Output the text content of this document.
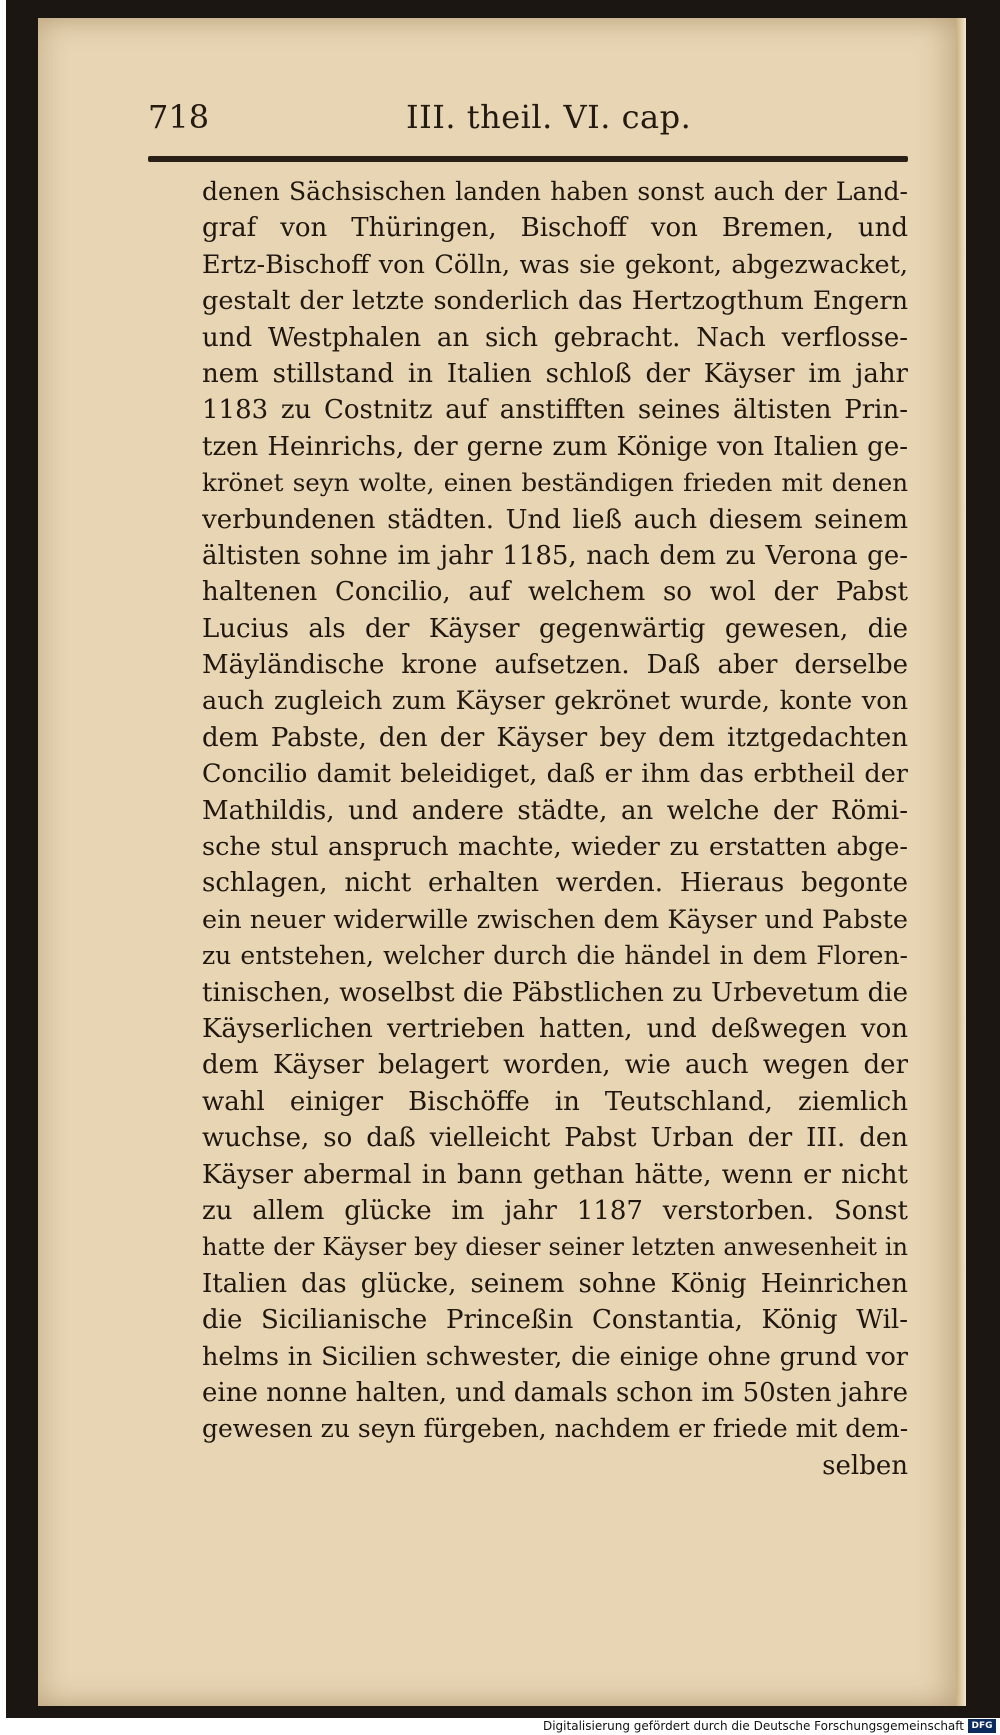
718	III. theil. VI. cap.
denen Sächsischen landen haben sonst auch der Land-
graf von Thüringen, Bischoff von Bremen, und
Ertz-Bischoff von Cölln, was sie gekont, abgezwacket,
gestalt der letzte sonderlich das Hertzogthum Engern
und Westphalen an sich gebracht. Nach verflosse-
nem stillstand in Italien schloß der Käyser im jahr
1183 zu Costnitz auf anstifften seines ältisten Prin-
tzen Heinrichs, der gerne zum Könige von Italien ge-
krönet seyn wolte, einen beständigen frieden mit denen
verbundenen städten. Und ließ auch diesem seinem
ältisten sohne im jahr 1185, nach dem zu Verona ge-
haltenen Concilio, auf welchem so wol der Pabst
Lucius als der Käyser gegenwärtig gewesen, die
Mäyländische krone aufsetzen. Daß aber derselbe
auch zugleich zum Käyser gekrönet wurde, konte von
dem Pabste, den der Käyser bey dem itztgedachten
Concilio damit beleidiget, daß er ihm das erbtheil der
Mathildis, und andere städte, an welche der Römi-
sche stul anspruch machte, wieder zu erstatten abge-
schlagen, nicht erhalten werden. Hieraus begonte
ein neuer widerwille zwischen dem Käyser und Pabste
zu entstehen, welcher durch die händel in dem Floren-
tinischen, woselbst die Päbstlichen zu Urbevetum die
Käyserlichen vertrieben hatten, und deßwegen von
dem Käyser belagert worden, wie auch wegen der
wahl einiger Bischöffe in Teutschland, ziemlich
wuchse, so daß vielleicht Pabst Urban der III. den
Käyser abermal in bann gethan hätte, wenn er nicht
zu allem glücke im jahr 1187 verstorben. Sonst
hatte der Käyser bey dieser seiner letzten anwesenheit in
Italien das glücke, seinem sohne König Heinrichen
die Sicilianische Princeßin Constantia, König Wil-
helms in Sicilien schwester, die einige ohne grund vor
eine nonne halten, und damals schon im 50sten jahre
gewesen zu seyn fürgeben, nachdem er friede mit dem-
selben
Digitalisierung gefördert durch die Deutsche Forschungsgemeinschaft DFG
